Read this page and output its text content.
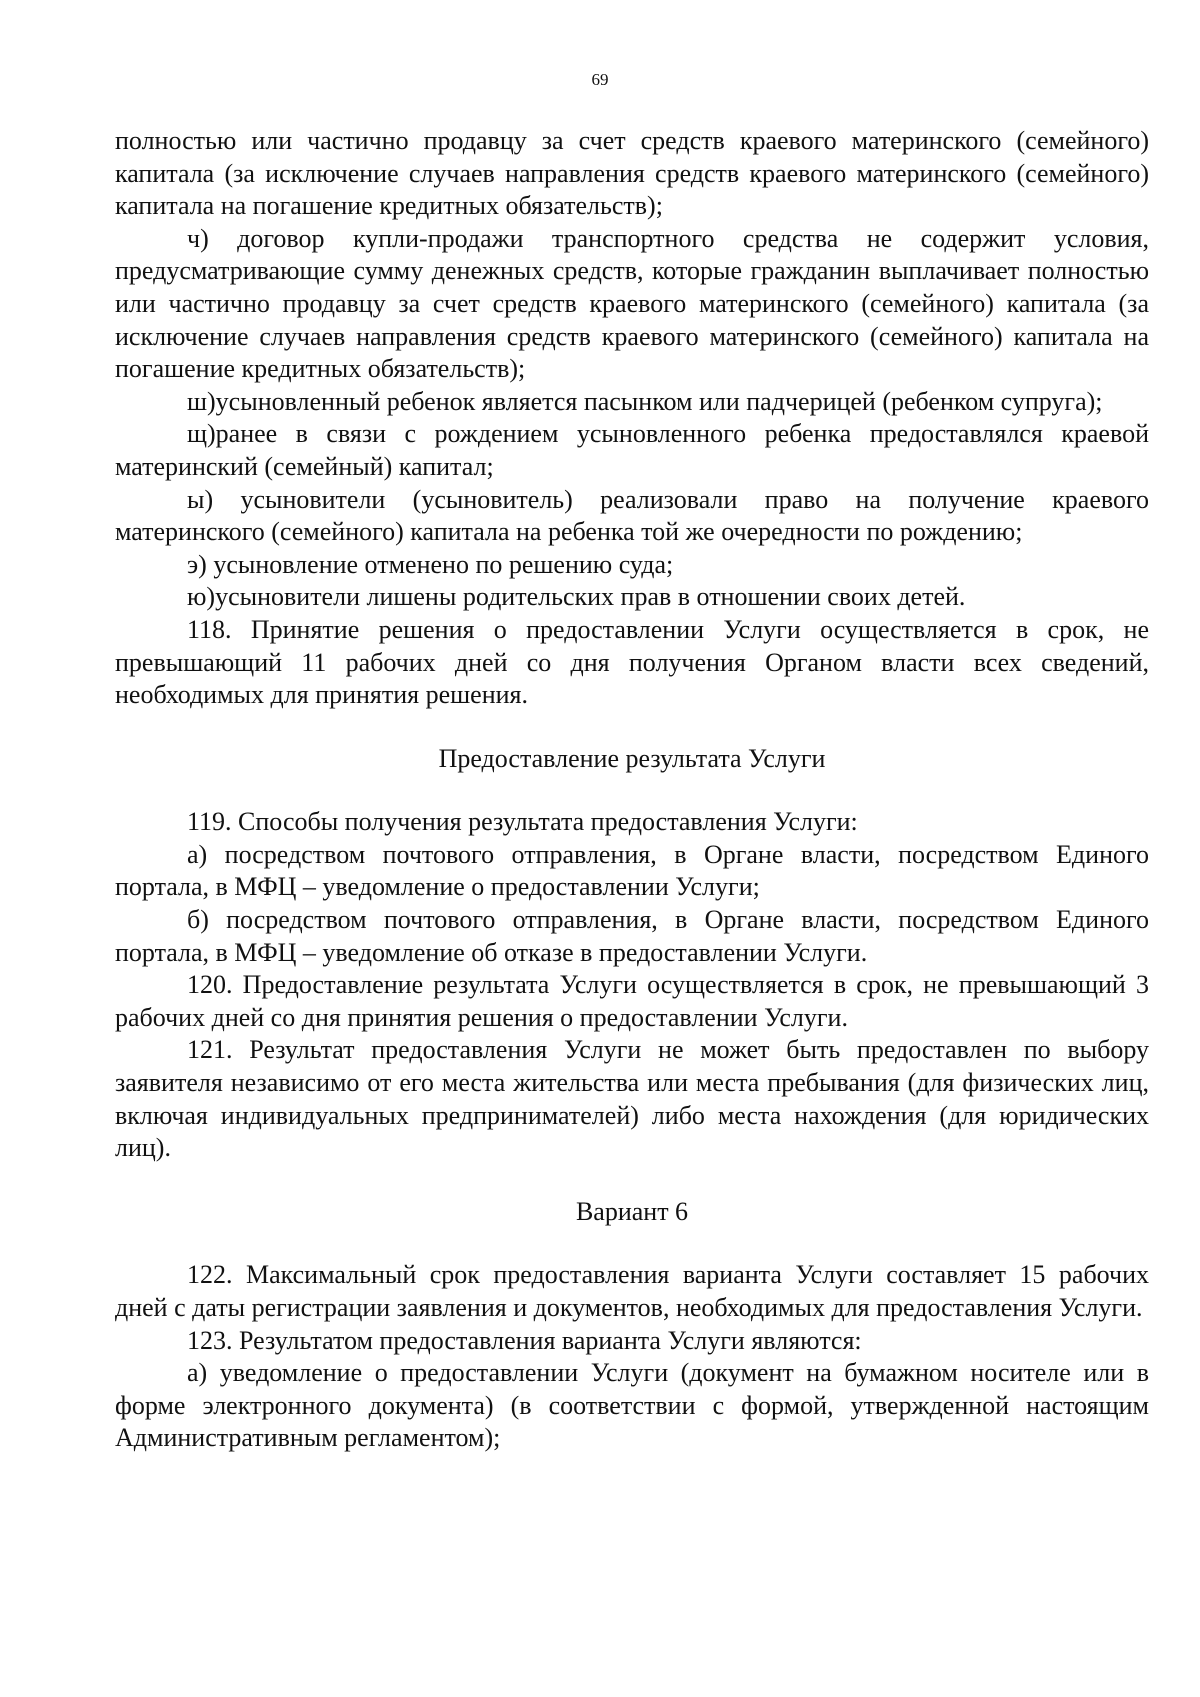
69

полностью или частично продавцу за счет средств краевого материнского (семейного) капитала (за исключение случаев направления средств краевого материнского (семейного) капитала на погашение кредитных обязательств);

ч) договор купли-продажи транспортного средства не содержит условия, предусматривающие сумму денежных средств, которые гражданин выплачивает полностью или частично продавцу за счет средств краевого материнского (семейного) капитала (за исключение случаев направления средств краевого материнского (семейного) капитала на погашение кредитных обязательств);

ш)усыновленный ребенок является пасынком или падчерицей (ребенком супруга);

щ)ранее в связи с рождением усыновленного ребенка предоставлялся краевой материнский (семейный) капитал;

ы) усыновители (усыновитель) реализовали право на получение краевого материнского (семейного) капитала на ребенка той же очередности по рождению;

э) усыновление отменено по решению суда;

ю)усыновители лишены родительских прав в отношении своих детей.

118. Принятие решения о предоставлении Услуги осуществляется в срок, не превышающий 11 рабочих дней со дня получения Органом власти всех сведений, необходимых для принятия решения.

Предоставление результата Услуги

119. Способы получения результата предоставления Услуги:

а) посредством почтового отправления, в Органе власти, посредством Единого портала, в МФЦ – уведомление о предоставлении Услуги;

б) посредством почтового отправления, в Органе власти, посредством Единого портала, в МФЦ – уведомление об отказе в предоставлении Услуги.

120. Предоставление результата Услуги осуществляется в срок, не превышающий 3 рабочих дней со дня принятия решения о предоставлении Услуги.

121. Результат предоставления Услуги не может быть предоставлен по выбору заявителя независимо от его места жительства или места пребывания (для физических лиц, включая индивидуальных предпринимателей) либо места нахождения (для юридических лиц).

Вариант 6

122. Максимальный срок предоставления варианта Услуги составляет 15 рабочих дней с даты регистрации заявления и документов, необходимых для предоставления Услуги.

123. Результатом предоставления варианта Услуги являются:

а) уведомление о предоставлении Услуги (документ на бумажном носителе или в форме электронного документа) (в соответствии с формой, утвержденной настоящим Административным регламентом);
